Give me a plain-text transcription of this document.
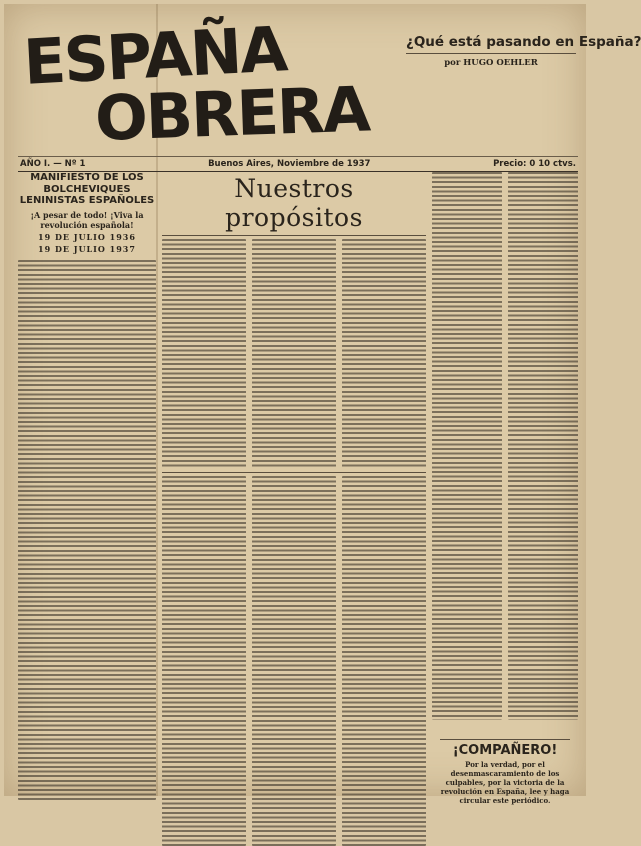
ESPAÑA
OBRERA
¿Qué está pasando en España?
por HUGO OEHLER
AÑO I. — Nº 1	Buenos Aires, Noviembre de 1937	Precio: 0 10 ctvs.
MANIFIESTO DE LOS BOLCHEVIQUES LENINISTAS ESPAÑOLES
¡A pesar de todo! ¡Viva la revolución española!
19 DE JULIO 1936
19 DE JULIO 1937
Nuestros propósitos
¡COMPAÑERO!
Por la verdad, por el desenmascaramiento de los culpables, por la victoria de la revolución en España, lee y haga circular este periódico.
